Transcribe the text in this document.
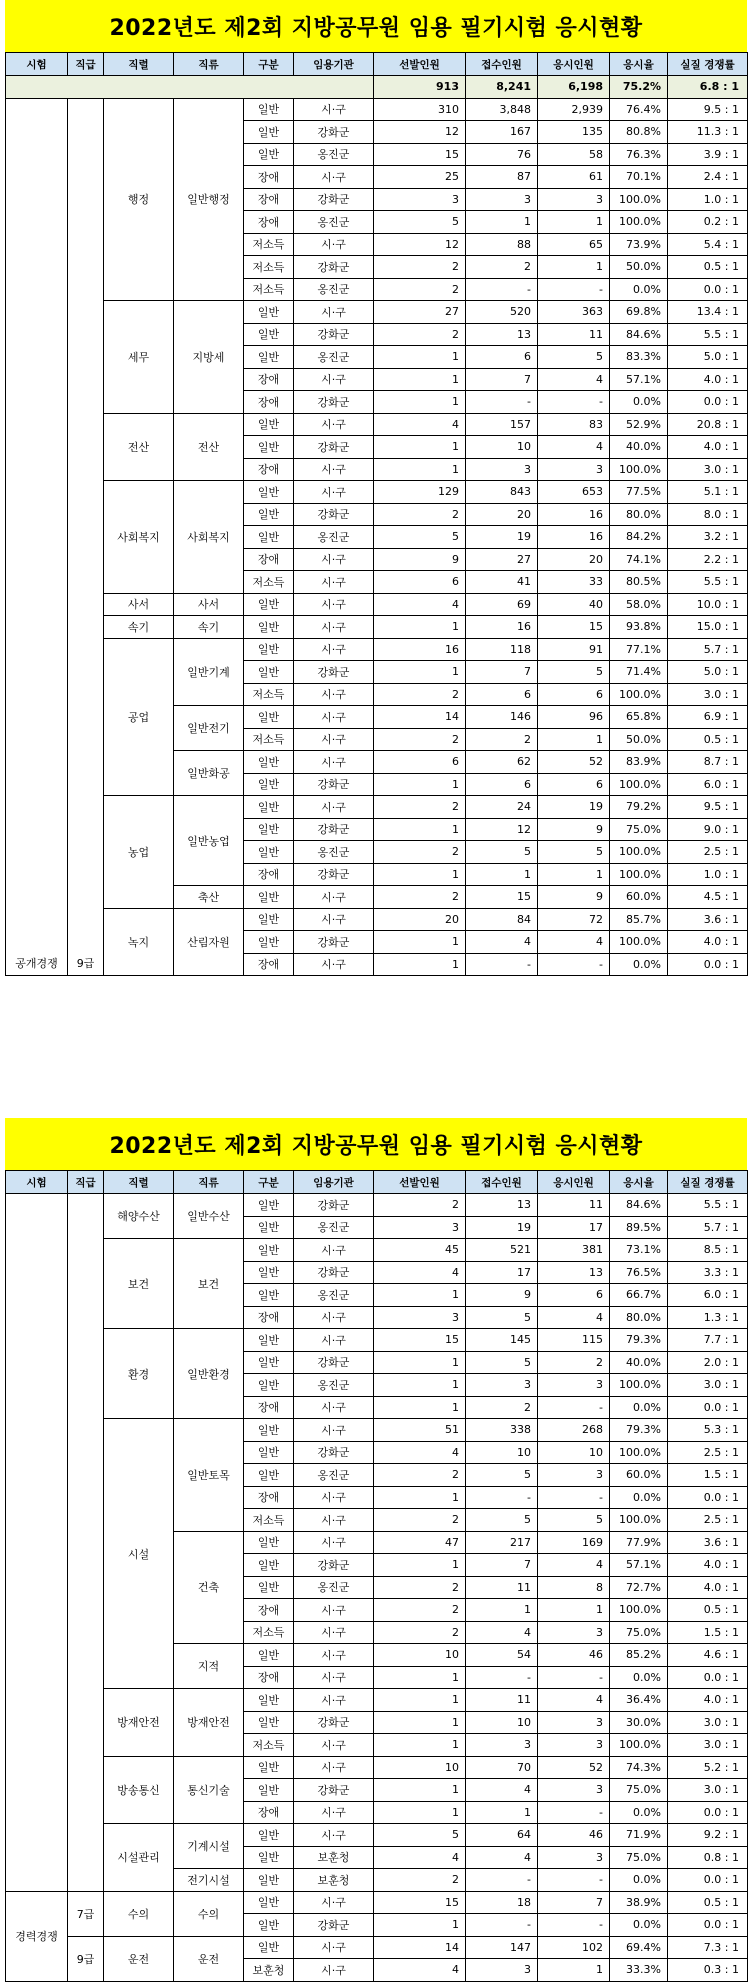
2022년도 제2회 지방공무원 임용 필기시험 응시현황
시험	직급	직렬	직류	구분	임용기관	선발인원	접수인원	응시인원	응시율	실질 경쟁률
						913	8,241	6,198	75.2%	6.8 : 1
공개경쟁	9급	행정	일반행정	일반	시·구	310	3,848	2,939	76.4%	9.5 : 1
				일반	강화군	12	167	135	80.8%	11.3 : 1
				일반	옹진군	15	76	58	76.3%	3.9 : 1
				장애	시·구	25	87	61	70.1%	2.4 : 1
				장애	강화군	3	3	3	100.0%	1.0 : 1
				장애	옹진군	5	1	1	100.0%	0.2 : 1
				저소득	시·구	12	88	65	73.9%	5.4 : 1
				저소득	강화군	2	2	1	50.0%	0.5 : 1
				저소득	옹진군	2	-	-	0.0%	0.0 : 1
		세무	지방세	일반	시·구	27	520	363	69.8%	13.4 : 1
				일반	강화군	2	13	11	84.6%	5.5 : 1
				일반	옹진군	1	6	5	83.3%	5.0 : 1
				장애	시·구	1	7	4	57.1%	4.0 : 1
				장애	강화군	1	-	-	0.0%	0.0 : 1
		전산	전산	일반	시·구	4	157	83	52.9%	20.8 : 1
				일반	강화군	1	10	4	40.0%	4.0 : 1
				장애	시·구	1	3	3	100.0%	3.0 : 1
		사회복지	사회복지	일반	시·구	129	843	653	77.5%	5.1 : 1
				일반	강화군	2	20	16	80.0%	8.0 : 1
				일반	옹진군	5	19	16	84.2%	3.2 : 1
				장애	시·구	9	27	20	74.1%	2.2 : 1
				저소득	시·구	6	41	33	80.5%	5.5 : 1
		사서	사서	일반	시·구	4	69	40	58.0%	10.0 : 1
		속기	속기	일반	시·구	1	16	15	93.8%	15.0 : 1
		공업	일반기계	일반	시·구	16	118	91	77.1%	5.7 : 1
				일반	강화군	1	7	5	71.4%	5.0 : 1
				저소득	시·구	2	6	6	100.0%	3.0 : 1
			일반전기	일반	시·구	14	146	96	65.8%	6.9 : 1
				저소득	시·구	2	2	1	50.0%	0.5 : 1
			일반화공	일반	시·구	6	62	52	83.9%	8.7 : 1
				일반	강화군	1	6	6	100.0%	6.0 : 1
		농업	일반농업	일반	시·구	2	24	19	79.2%	9.5 : 1
				일반	강화군	1	12	9	75.0%	9.0 : 1
				일반	옹진군	2	5	5	100.0%	2.5 : 1
				장애	강화군	1	1	1	100.0%	1.0 : 1
			축산	일반	시·구	2	15	9	60.0%	4.5 : 1
		녹지	산림자원	일반	시·구	20	84	72	85.7%	3.6 : 1
				일반	강화군	1	4	4	100.0%	4.0 : 1
				장애	시·구	1	-	-	0.0%	0.0 : 1
2022년도 제2회 지방공무원 임용 필기시험 응시현황
시험	직급	직렬	직류	구분	임용기관	선발인원	접수인원	응시인원	응시율	실질 경쟁률
		해양수산	일반수산	일반	강화군	2	13	11	84.6%	5.5 : 1
				일반	옹진군	3	19	17	89.5%	5.7 : 1
		보건	보건	일반	시·구	45	521	381	73.1%	8.5 : 1
				일반	강화군	4	17	13	76.5%	3.3 : 1
				일반	옹진군	1	9	6	66.7%	6.0 : 1
				장애	시·구	3	5	4	80.0%	1.3 : 1
		환경	일반환경	일반	시·구	15	145	115	79.3%	7.7 : 1
				일반	강화군	1	5	2	40.0%	2.0 : 1
				일반	옹진군	1	3	3	100.0%	3.0 : 1
				장애	시·구	1	2	-	0.0%	0.0 : 1
		시설	일반토목	일반	시·구	51	338	268	79.3%	5.3 : 1
				일반	강화군	4	10	10	100.0%	2.5 : 1
				일반	옹진군	2	5	3	60.0%	1.5 : 1
				장애	시·구	1	-	-	0.0%	0.0 : 1
				저소득	시·구	2	5	5	100.0%	2.5 : 1
			건축	일반	시·구	47	217	169	77.9%	3.6 : 1
				일반	강화군	1	7	4	57.1%	4.0 : 1
				일반	옹진군	2	11	8	72.7%	4.0 : 1
				장애	시·구	2	1	1	100.0%	0.5 : 1
				저소득	시·구	2	4	3	75.0%	1.5 : 1
			지적	일반	시·구	10	54	46	85.2%	4.6 : 1
				장애	시·구	1	-	-	0.0%	0.0 : 1
		방재안전	방재안전	일반	시·구	1	11	4	36.4%	4.0 : 1
				일반	강화군	1	10	3	30.0%	3.0 : 1
				저소득	시·구	1	3	3	100.0%	3.0 : 1
		방송통신	통신기술	일반	시·구	10	70	52	74.3%	5.2 : 1
				일반	강화군	1	4	3	75.0%	3.0 : 1
				장애	시·구	1	1	-	0.0%	0.0 : 1
		시설관리	기계시설	일반	시·구	5	64	46	71.9%	9.2 : 1
				일반	보훈청	4	4	3	75.0%	0.8 : 1
			전기시설	일반	보훈청	2	-	-	0.0%	0.0 : 1
경력경쟁	7급	수의	수의	일반	시·구	15	18	7	38.9%	0.5 : 1
				일반	강화군	1	-	-	0.0%	0.0 : 1
	9급	운전	운전	일반	시·구	14	147	102	69.4%	7.3 : 1
				보훈청	시·구	4	3	1	33.3%	0.3 : 1
